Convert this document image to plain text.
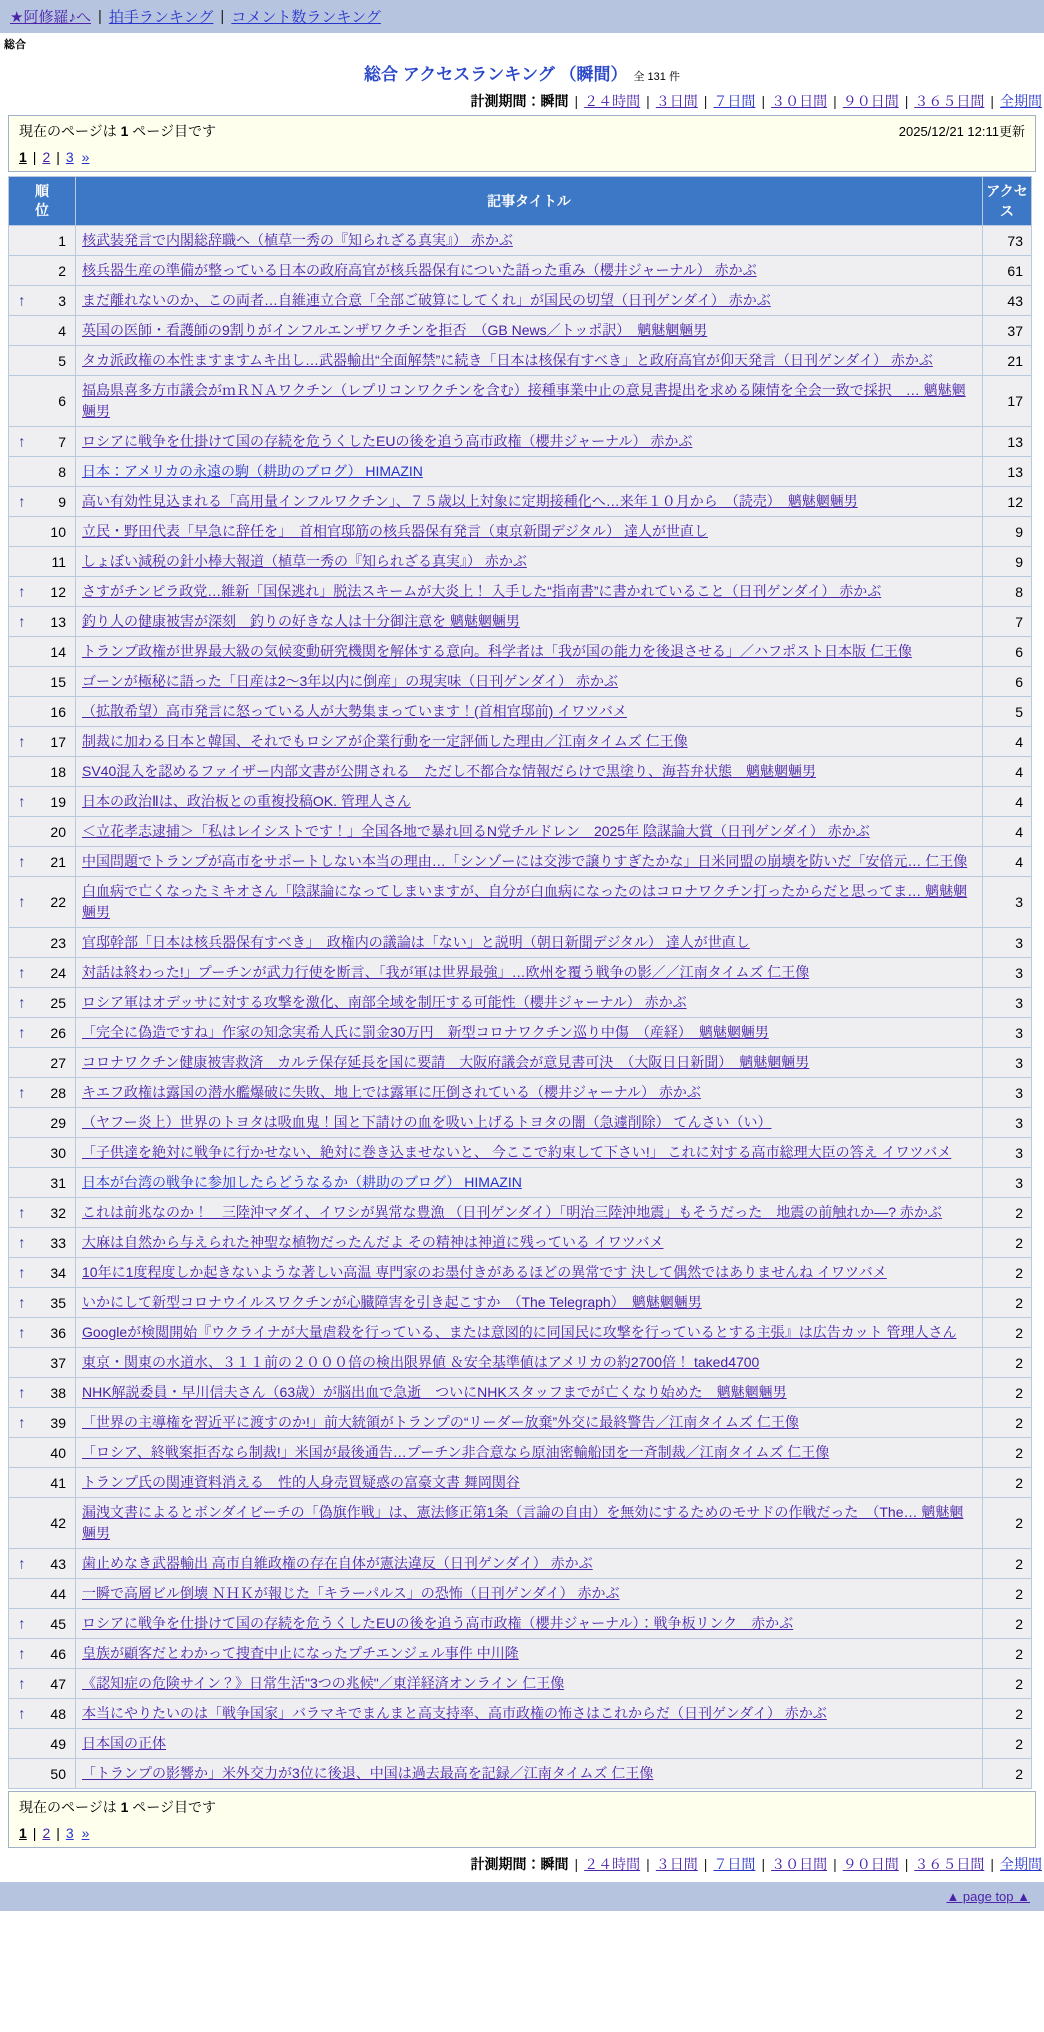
★阿修羅♪へ | 拍手ランキング | コメント数ランキング
総合
総合 アクセスランキング （瞬間） 全 131 件
計測期間：瞬間 | ２４時間 | ３日間 | ７日間 | ３０日間 | ９０日間 | ３６５日間 | 全期間
現在のページは 1 ページ目です	2025/12/21 12:11更新
1 | 2 | 3 »
順位	記事タイトル	アクセス
1	核武装発言で内閣総辞職へ（植草一秀の『知られざる真実』） 赤かぶ	73
2	核兵器生産の準備が整っている日本の政府高官が核兵器保有についた語った重み（櫻井ジャーナル） 赤かぶ	61

↑ 3	まだ離れないのか、この両者…自維連立合意「全部ご破算にしてくれ」が国民の切望（日刊ゲンダイ） 赤かぶ	43
4	英国の医師・看護師の9割りがインフルエンザワクチンを拒否　（GB News／トッポ訳）　魑魅魍魎男	37
5	タカ派政権の本性ますますムキ出し…武器輸出“全面解禁”に続き「日本は核保有すべき」と政府高官が仰天発言（日刊ゲンダイ） 赤かぶ	21
6	福島県喜多方市議会がｍＲＮＡワクチン（レプリコンワクチンを含む）接種事業中止の意見書提出を求める陳情を全会一致で採択　… 魑魅魍魎男	17

↑ 7	ロシアに戦争を仕掛けて国の存続を危うくしたEUの後を追う高市政権（櫻井ジャーナル） 赤かぶ	13
8	日本：アメリカの永遠の駒（耕助のブログ） HIMAZIN	13

↑ 9	高い有効性見込まれる「高用量インフルワクチン」、７５歳以上対象に定期接種化へ…来年１０月から　（読売）　魑魅魍魎男	12
10	立民・野田代表「早急に辞任を」　首相官邸筋の核兵器保有発言（東京新聞デジタル） 達人が世直し	9
11	しょぼい減税の針小棒大報道（植草一秀の『知られざる真実』） 赤かぶ	9

↑ 12	さすがチンピラ政党…維新「国保逃れ」脱法スキームが大炎上！ 入手した“指南書”に書かれていること（日刊ゲンダイ） 赤かぶ	8

↑ 13	釣り人の健康被害が深刻　釣りの好きな人は十分御注意を 魑魅魍魎男	7
14	トランプ政権が世界最大級の気候変動研究機関を解体する意向。科学者は「我が国の能力を後退させる」／ハフポスト日本版 仁王像	6
15	ゴーンが極秘に語った「日産は2〜3年以内に倒産」の現実味（日刊ゲンダイ） 赤かぶ	6
16	（拡散希望）高市発言に怒っている人が大勢集まっています！(首相官邸前) イワツバメ	5

↑ 17	制裁に加わる日本と韓国、それでもロシアが企業行動を一定評価した理由／江南タイムズ 仁王像	4
18	SV40混入を認めるファイザー内部文書が公開される　ただし不都合な情報だらけで黒塗り、海苔弁状態　魑魅魍魎男	4

↑ 19	日本の政治Ⅱは、政治板との重複投稿OK. 管理人さん	4
20	＜立花孝志逮捕＞「私はレイシストです！」全国各地で暴れ回るN党チルドレン　2025年 陰謀論大賞（日刊ゲンダイ） 赤かぶ	4

↑ 21	中国問題でトランプが高市をサポートしない本当の理由…「シンゾーには交渉で譲りすぎたかな」日米同盟の崩壊を防いだ「安倍元… 仁王像	4

↑ 22	白血病で亡くなったミキオさん「陰謀論になってしまいますが、自分が白血病になったのはコロナワクチン打ったからだと思ってま… 魑魅魍魎男	3
23	官邸幹部「日本は核兵器保有すべき」　政権内の議論は「ない」と説明（朝日新聞デジタル） 達人が世直し	3

↑ 24	対話は終わった!」プーチンが武力行使を断言、「我が軍は世界最強」…欧州を覆う戦争の影／／江南タイムズ 仁王像	3

↑ 25	ロシア軍はオデッサに対する攻撃を激化、南部全域を制圧する可能性（櫻井ジャーナル） 赤かぶ	3

↑ 26	「完全に偽造ですね」作家の知念実希人氏に罰金30万円　新型コロナワクチン巡り中傷　（産経）　魑魅魍魎男	3
27	コロナワクチン健康被害救済　カルテ保存延長を国に要請　大阪府議会が意見書可決　（大阪日日新聞）　魑魅魍魎男	3

↑ 28	キエフ政権は露国の潜水艦爆破に失敗、地上では露軍に圧倒されている（櫻井ジャーナル） 赤かぶ	3
29	（ヤフー炎上）世界のトヨタは吸血鬼！国と下請けの血を吸い上げるトヨタの闇（急遽削除） てんさい（い）	3
30	「子供達を絶対に戦争に行かせない、絶対に巻き込ませないと、 今ここで約束して下さい!」 これに対する高市総理大臣の答え イワツバメ	3
31	日本が台湾の戦争に参加したらどうなるか（耕助のブログ） HIMAZIN	3

↑ 32	これは前兆なのか！　三陸沖マダイ、イワシが異常な豊漁 （日刊ゲンダイ）「明治三陸沖地震」もそうだった　地震の前触れか―? 赤かぶ	2

↑ 33	大麻は自然から与えられた神聖な植物だったんだよ その精神は神道に残っている イワツバメ	2

↑ 34	10年に1度程度しか起きないような著しい高温 専門家のお墨付きがあるほどの異常です 決して偶然ではありませんね イワツバメ	2

↑ 35	いかにして新型コロナウイルスワクチンが心臓障害を引き起こすか　（The Telegraph）　魑魅魍魎男	2

↑ 36	Googleが検閲開始『ウクライナが大量虐殺を行っている、または意図的に同国民に攻撃を行っているとする主張』は広告カット 管理人さん	2
37	東京・関東の水道水、３１１前の２０００倍の検出限界値 ＆安全基準値はアメリカの約2700倍！ taked4700	2

↑ 38	NHK解説委員・早川信夫さん（63歳）が脳出血で急逝　ついにNHKスタッフまでが亡くなり始めた　魑魅魍魎男	2

↑ 39	「世界の主導権を習近平に渡すのか!」前大統領がトランプの“リーダー放棄”外交に最終警告／江南タイムズ 仁王像	2
40	「ロシア、終戦案拒否なら制裁!」米国が最後通告…プーチン非合意なら原油密輸船団を一斉制裁／江南タイムズ 仁王像	2
41	トランプ氏の関連資料消える　性的人身売買疑惑の富豪文書 舞岡関谷	2
42	漏洩文書によるとボンダイビーチの「偽旗作戦」は、憲法修正第1条（言論の自由）を無効にするためのモサドの作戦だった　（The… 魑魅魍魎男	2

↑ 43	歯止めなき武器輸出 高市自維政権の存在自体が憲法違反（日刊ゲンダイ） 赤かぶ	2
44	一瞬で高層ビル倒壊 ＮＨＫが報じた「キラーパルス」の恐怖（日刊ゲンダイ） 赤かぶ	2

↑ 45	ロシアに戦争を仕掛けて国の存続を危うくしたEUの後を追う高市政権（櫻井ジャーナル）：戦争板リンク　赤かぶ	2

↑ 46	皇族が顧客だとわかって捜査中止になったプチエンジェル事件 中川隆	2

↑ 47	《認知症の危険サイン？》日常生活"3つの兆候"／東洋経済オンライン 仁王像	2

↑ 48	本当にやりたいのは「戦争国家」バラマキでまんまと高支持率、高市政権の怖さはこれからだ（日刊ゲンダイ） 赤かぶ	2
49	日本国の正体	2
50	「トランプの影響か」米外交力が3位に後退、中国は過去最高を記録／江南タイムズ 仁王像	2
現在のページは 1 ページ目です
1 | 2 | 3 »
計測期間：瞬間 | ２４時間 | ３日間 | ７日間 | ３０日間 | ９０日間 | ３６５日間 | 全期間
▲ page top ▲
